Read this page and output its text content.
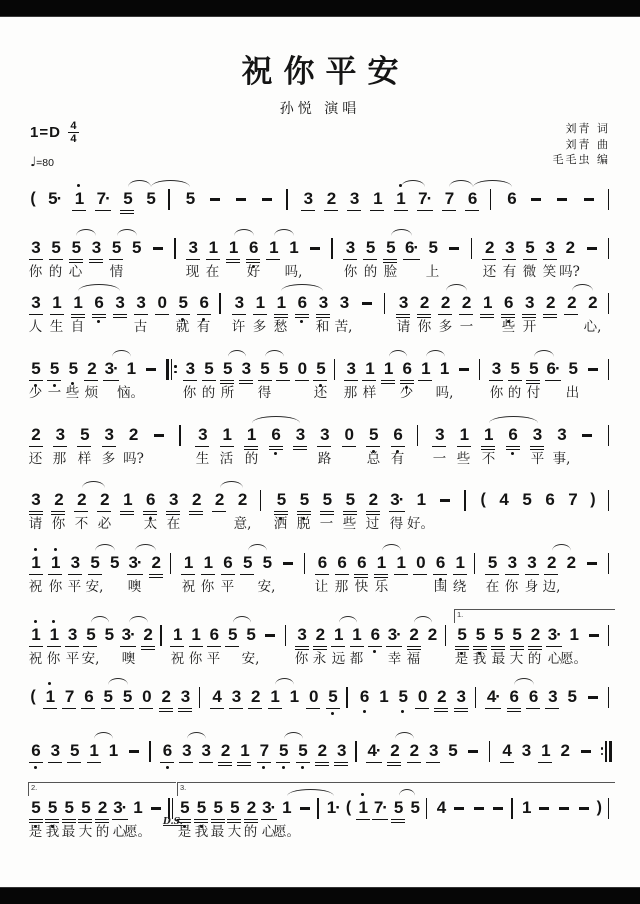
祝你平安
孙悦 演唱
$1=D \frac{4}{4}$
♩=80
刘青 词
刘青 曲
毛毛虫 编
( 5· 1 7· 5 5 5	3 2 3 1 1 7· 7 6 6
3 5 5 3 5 5	3 1 1 6 1 1	3 5 5 6· 5	2 3 5 3 2
你 的 心 情	现 在 好 吗,	你 的 脸 上	还 有 微 笑 吗?
3 1 1 6 3 3 0 5 6 3 1 1 6 3 3	3 2 2 2 1 6 3 2 2 2
人 生 自	古 就 有 许 多 愁 和 苦,	请 你 多 一 些 开	心,
5 5 5 2 3· 1	3 5 5 3 5 5 0 5 3 1 1 6 1 1	3 5 5 6· 5
少 一 些 烦 恼。	你 的 所 得	还 那 样 少 吗,	你 的 付 出
2 3 5 3 2	3 1 1 6 3 3 0 5 6 3 1 1 6 3 3
还 那 样 多 吗?	生 活 的	路	总 有 一 些 不	平 事,
3 2 2 2 1 6 3 2 2 2 5 5 5 5 2 3· 1	( 4 5 6 7 )
请 你 不 必 太 在	意, 洒 脱 一 些 过 得 好。
1 1 3 5 5 3· 2 1 1 6 5 5	6 6 6 1 1 0 6 1 5 3 3 2 2
祝 你 平 安, 噢	祝 你 平 安,	让 那 快 乐	围 绕 在 你 身 边,
1 1 3 5 5 3· 2 1 1 6 5 5	3 2 1 1 6 3· 2 2 5 5 5 5 2 3· 1
1.
祝 你 平 安, 噢	祝 你 平 安,	你 永 远 都 幸 福	是 我 最 大 的 心
愿。
( 1 7 6 5 5 0 2 3 4 3 2 1 1 0 5 6 1 5 0 2 3 4· 6 6 3 5
6 3 5 1 1	6 3 3 2 1 7 5 5 2 3 4· 2 2 3 5	4 3 1 2
5 5 5 5 2 3· 1 5 5 5 5 2 3· 1 1· ( 1 7· 5 5 4	1	)
2.	3.
D.S.
是 我 最 大 的 心
愿。 是 我 最 大 的 心
愿。
